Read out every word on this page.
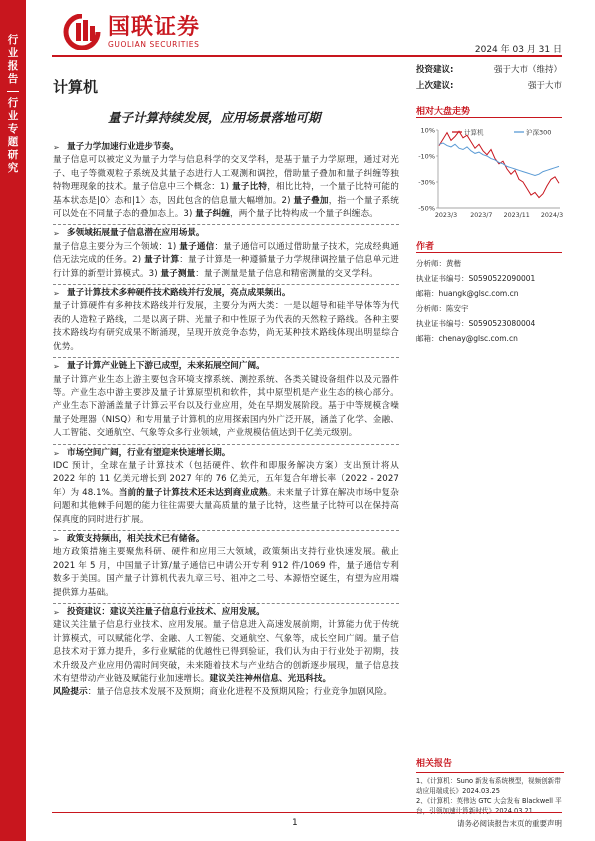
行
业
报
告
行
业
专
题
研
究
国联证券
GUOLIAN SECURITIES
2024 年 03 月 31 日
计算机
量子计算持续发展，应用场景落地可期
投资建议:	强于大市（维持）
上次建议:	强于大市
相对大盘走势
10%
-10%
-30%
-50%
2023/3 2023/7 2023/11 2024/3
计算机	沪深300
作者
分析师：黄楷
执业证书编号：S0590522090001
邮箱：huangk@glsc.com.cn
分析师：陈安宇
执业证书编号：S0590523080004
邮箱：chenay@glsc.com.cn
➢ 量子力学加速行业进步节奏。
量子信息可以被定义为量子力学与信息科学的交叉学科，是基于量子力学原理，通过对光子、电子等微观粒子系统及其量子态进行人工观测和调控，借助量子叠加和量子纠缠等独特物理现象的技术。量子信息中三个概念：1) 量子比特，相比比特，一个量子比特可能的基本状态是|0〉态和|1〉态，因此包含的信息量大幅增加。2) 量子叠加，指一个量子系统可以处在不同量子态的叠加态上。3) 量子纠缠，两个量子比特构成一个量子纠缠态。
➢ 多领域拓展量子信息潜在应用场景。
量子信息主要分为三个领域：1) 量子通信：量子通信可以通过借助量子技术，完成经典通信无法完成的任务。2) 量子计算：量子计算是一种遵循量子力学规律调控量子信息单元进行计算的新型计算模式。3) 量子测量：量子测量是量子信息和精密测量的交叉学科。
➢ 量子计算技术多种硬件技术路线并行发展，亮点成果频出。
量子计算硬件有多种技术路线并行发展，主要分为两大类：一是以超导和硅半导体等为代表的人造粒子路线，二是以离子阱、光量子和中性原子为代表的天然粒子路线。各种主要技术路线均有研究成果不断涌现，呈现开放竞争态势，尚无某种技术路线体现出明显综合优势。
➢ 量子计算产业链上下游已成型，未来拓展空间广阔。
量子计算产业生态上游主要包含环境支撑系统、测控系统、各类关键设备组件以及元器件等。产业生态中游主要涉及量子计算原型机和软件，其中原型机是产业生态的核心部分。产业生态下游涵盖量子计算云平台以及行业应用，处在早期发展阶段。基于中等规模含噪量子处理器（NISQ）和专用量子计算机的应用探索国内外广泛开展，涵盖了化学、金融、人工智能、交通航空、气象等众多行业领域，产业规模估值达到千亿美元级别。
➢ 市场空间广阔，行业有望迎来快速增长期。
IDC 预计，全球在量子计算技术（包括硬件、软件和即服务解决方案）支出预计将从 2022 年的 11 亿美元增长到 2027 年的 76 亿美元，五年复合年增长率（2022 - 2027 年）为 48.1%。当前的量子计算技术还未达到商业成熟。未来量子计算在解决市场中复杂问题和其他棘手问题的能力往往需要大量高质量的量子比特，这些量子比特可以在保持高保真度的同时进行扩展。
➢ 政策支持频出，相关技术已有储备。
地方政策措施主要聚焦科研、硬件和应用三大领域，政策频出支持行业快速发展。截止 2021 年 5 月，中国量子计算/量子通信已申请公开专利 912 件/1069 件，量子通信专利数多于美国。国产量子计算机代表九章三号、祖冲之二号、本源悟空诞生，有望为应用端提供算力基础。
➢ 投资建议：建议关注量子信息行业技术、应用发展。
建议关注量子信息行业技术、应用发展。量子信息进入高速发展前期，计算能力优于传统计算模式，可以赋能化学、金融、人工智能、交通航空、气象等，成长空间广阔。量子信息技术对于算力提升，多行业赋能的优越性已得到验证，我们认为由于行业处于初期，技术升级及产业应用仍需时间突破，未来随着技术与产业结合的创新逐步展现，量子信息技术有望带动产业链及赋能行业加速增长。建议关注神州信息、光迅科技。
风险提示：量子信息技术发展不及预期；商业化进程不及预期风险；行业竞争加剧风险。
相关报告
1、《计算机：Suno 新发布系统模型，视频创新带动应用端成长》2024.03.25
2、《计算机：英伟达 GTC 大会发布 Blackwell 平台，引领加速计算新时代》2024.03.21
1	请务必阅读报告末页的重要声明
